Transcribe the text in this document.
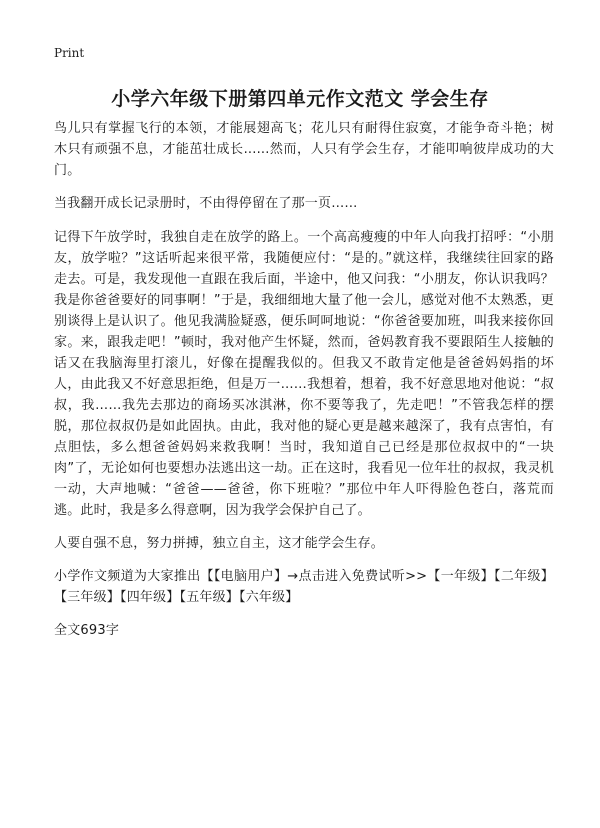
Print
小学六年级下册第四单元作文范文 学会生存

鸟儿只有掌握飞行的本领，才能展翅高飞；花儿只有耐得住寂寞，才能争奇斗艳；树木只有顽强不息，才能茁壮成长......然而，人只有学会生存，才能叩响彼岸成功的大门。

当我翻开成长记录册时，不由得停留在了那一页……

记得下午放学时，我独自走在放学的路上。一个高高瘦瘦的中年人向我打招呼：“小朋友，放学啦？”这话听起来很平常，我随便应付：“是的。”就这样，我继续往回家的路走去。可是，我发现他一直跟在我后面，半途中，他又问我：“小朋友，你认识我吗？我是你爸爸要好的同事啊！”于是，我细细地大量了他一会儿，感觉对他不太熟悉，更别谈得上是认识了。他见我满脸疑惑，便乐呵呵地说：“你爸爸要加班，叫我来接你回家。来，跟我走吧！”顿时，我对他产生怀疑，然而，爸妈教育我不要跟陌生人接触的话又在我脑海里打滚儿，好像在提醒我似的。但我又不敢肯定他是爸爸妈妈指的坏人，由此我又不好意思拒绝，但是万一……我想着，想着，我不好意思地对他说：“叔叔，我……我先去那边的商场买冰淇淋，你不要等我了，先走吧！”不管我怎样的摆脱，那位叔叔仍是如此固执。由此，我对他的疑心更是越来越深了，我有点害怕，有点胆怯，多么想爸爸妈妈来救我啊！当时，我知道自己已经是那位叔叔中的“一块肉”了，无论如何也要想办法逃出这一劫。正在这时，我看见一位年壮的叔叔，我灵机一动，大声地喊：“爸爸——爸爸，你下班啦？”那位中年人吓得脸色苍白，落荒而逃。此时，我是多么得意啊，因为我学会保护自己了。

人要自强不息，努力拼搏，独立自主，这才能学会生存。

小学作文频道为大家推出【【电脑用户】→点击进入免费试听>>【一年级】【二年级】【三年级】【四年级】【五年级】【六年级】

全文693字
